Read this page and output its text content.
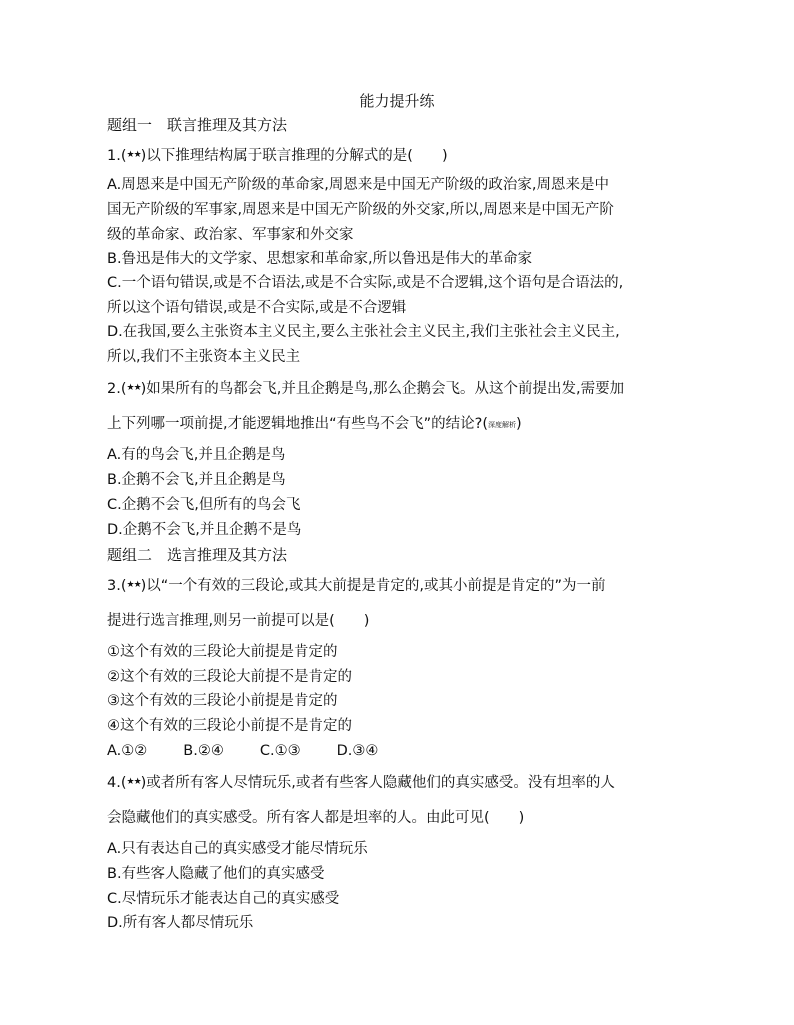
能力提升练
题组一　联言推理及其方法
1.(★★)以下推理结构属于联言推理的分解式的是(　　)
A.周恩来是中国无产阶级的革命家,周恩来是中国无产阶级的政治家,周恩来是中
国无产阶级的军事家,周恩来是中国无产阶级的外交家,所以,周恩来是中国无产阶
级的革命家、政治家、军事家和外交家
B.鲁迅是伟大的文学家、思想家和革命家,所以鲁迅是伟大的革命家
C.一个语句错误,或是不合语法,或是不合实际,或是不合逻辑,这个语句是合语法的,
所以这个语句错误,或是不合实际,或是不合逻辑
D.在我国,要么主张资本主义民主,要么主张社会主义民主,我们主张社会主义民主,
所以,我们不主张资本主义民主
2.(★★)如果所有的鸟都会飞,并且企鹅是鸟,那么企鹅会飞。从这个前提出发,需要加
上下列哪一项前提,才能逻辑地推出“有些鸟不会飞”的结论?(深度解析)
A.有的鸟会飞,并且企鹅是鸟
B.企鹅不会飞,并且企鹅是鸟
C.企鹅不会飞,但所有的鸟会飞
D.企鹅不会飞,并且企鹅不是鸟
题组二　选言推理及其方法
3.(★★)以“一个有效的三段论,或其大前提是肯定的,或其小前提是肯定的”为一前
提进行选言推理,则另一前提可以是(　　)
①这个有效的三段论大前提是肯定的
②这个有效的三段论大前提不是肯定的
③这个有效的三段论小前提是肯定的
④这个有效的三段论小前提不是肯定的
A.①② B.②④ C.①③ D.③④
4.(★★)或者所有客人尽情玩乐,或者有些客人隐藏他们的真实感受。没有坦率的人
会隐藏他们的真实感受。所有客人都是坦率的人。由此可见(　　)
A.只有表达自己的真实感受才能尽情玩乐
B.有些客人隐藏了他们的真实感受
C.尽情玩乐才能表达自己的真实感受
D.所有客人都尽情玩乐
